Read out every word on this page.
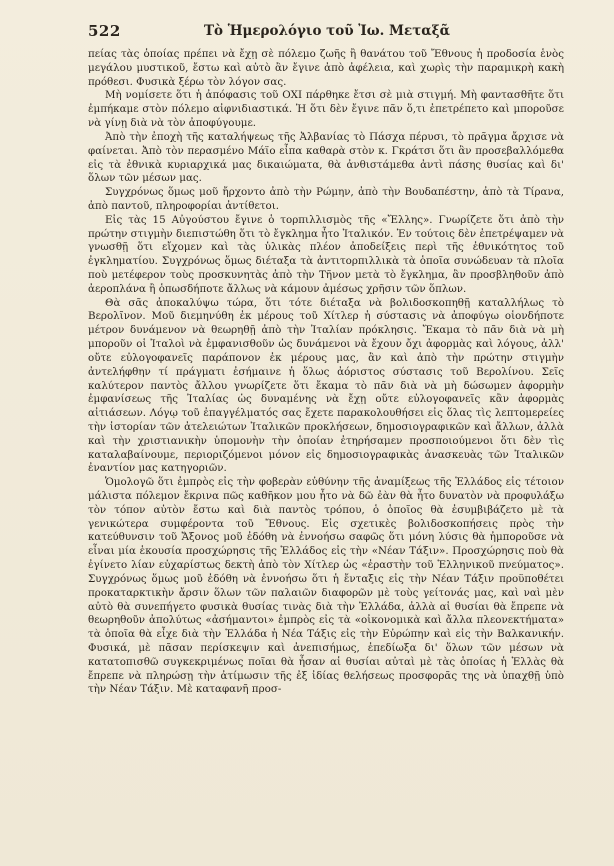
522	Τὸ Ἡμερολόγιο τοῦ Ἰω. Μεταξᾶ

πείας τὰς ὁποίας πρέπει νὰ ἔχῃ σὲ πόλεμο ζωῆς ἢ θανάτου τοῦ Ἔθνους ἡ προδοσία ἑνὸς μεγάλου μυστικοῦ, ἔστω καὶ αὐτὸ ἂν ἔγινε ἀπὸ ἀφέλεια, καὶ χωρὶς τὴν παραμικρὴ κακὴ πρόθεσι. Φυσικὰ ξέρω τὸν λόγον σας.

Μὴ νομίσετε ὅτι ἡ ἀπόφασις τοῦ ΟΧΙ πάρθηκε ἔτσι σὲ μιὰ στιγμή. Μὴ φαντασθῆτε ὅτι ἐμπήκαμε στὸν πόλεμο αἰφνιδιαστικά. Ἡ ὅτι δὲν ἔγινε πᾶν ὅ,τι ἐπετρέπετο καὶ μποροῦσε νὰ γίνῃ διὰ νὰ τὸν ἀποφύγουμε.

Ἀπὸ τὴν ἐποχὴ τῆς καταλήψεως τῆς Ἀλβανίας τὸ Πάσχα πέρυσι, τὸ πρᾶγμα ἄρχισε νὰ φαίνεται. Ἀπὸ τὸν περασμένο Μάϊο εἶπα καθαρὰ στὸν κ. Γκράτσι ὅτι ἂν προσεβαλλόμεθα εἰς τὰ ἐθνικὰ κυριαρχικά μας δικαιώματα, θὰ ἀνθιστάμεθα ἀντὶ πάσης θυσίας καὶ δι' ὅλων τῶν μέσων μας.

Συγχρόνως ὅμως μοῦ ἤρχοντο ἀπὸ τὴν Ρώμην, ἀπὸ τὴν Βουδαπέστην, ἀπὸ τὰ Τίρανα, ἀπὸ παντοῦ, πληροφορίαι ἀντίθετοι.

Εἰς τὰς 15 Αὐγούστου ἔγινε ὁ τορπιλλισμὸς τῆς «Ἔλλης». Γνωρίζετε ὅτι ἀπὸ τὴν πρώτην στιγμὴν διεπιστώθη ὅτι τὸ ἔγκλημα ἦτο Ἰταλικόν. Ἐν τούτοις δὲν ἐπετρέψαμεν νὰ γνωσθῇ ὅτι εἴχομεν καὶ τὰς ὑλικὰς πλέον ἀποδείξεις περὶ τῆς ἐθνικότητος τοῦ ἐγκληματίου. Συγχρόνως ὅμως διέταξα τὰ ἀντιτορπιλλικὰ τὰ ὁποῖα συνώδευαν τὰ πλοῖα ποὺ μετέφερον τοὺς προσκυνητὰς ἀπὸ τὴν Τῆνον μετὰ τὸ ἔγκλημα, ἂν προσβληθοῦν ἀπὸ ἀεροπλάνα ἢ ὁπωσδήποτε ἄλλως νὰ κάμουν ἀμέσως χρῆσιν τῶν ὅπλων.

Θὰ σᾶς ἀποκαλύψω τώρα, ὅτι τότε διέταξα νὰ βολιδοσκοπηθῇ καταλλήλως τὸ Βερολῖνον. Μοῦ διεμηνύθη ἐκ μέρους τοῦ Χίτλερ ἡ σύστασις νὰ ἀποφύγω οἱονδήποτε μέτρον δυνάμενον νὰ θεωρηθῇ ἀπὸ τὴν Ἰταλίαν πρόκλησις. Ἔκαμα τὸ πᾶν διὰ νὰ μὴ μποροῦν οἱ Ἰταλοὶ νὰ ἐμφανισθοῦν ὡς δυνάμενοι νὰ ἔχουν ὄχι ἀφορμὰς καὶ λόγους, ἀλλ' οὔτε εὐλογοφανεῖς παράπονον ἐκ μέρους μας, ἂν καὶ ἀπὸ τὴν πρώτην στιγμὴν ἀντελήφθην τί πράγματι ἐσήμαινε ἡ ὅλως ἀόριστος σύστασις τοῦ Βερολίνου. Σεῖς καλύτερον παντὸς ἄλλου γνωρίζετε ὅτι ἔκαμα τὸ πᾶν διὰ νὰ μὴ δώσωμεν ἀφορμὴν ἐμφανίσεως τῆς Ἰταλίας ὡς δυναμένης νὰ ἔχῃ οὔτε εὐλογοφανεῖς κἂν ἀφορμὰς αἰτιάσεων. Λόγῳ τοῦ ἐπαγγέλματός σας ἔχετε παρακολουθήσει εἰς ὅλας τὶς λεπτομερείες τὴν ἱστορίαν τῶν ἀτελειώτων Ἰταλικῶν προκλήσεων, δημοσιογραφικῶν καὶ ἄλλων, ἀλλὰ καὶ τὴν χριστιανικὴν ὑπομονὴν τὴν ὁποίαν ἐτηρήσαμεν προσποιούμενοι ὅτι δὲν τὶς καταλαβαίνουμε, περιοριζόμενοι μόνον εἰς δημοσιογραφικὰς ἀνασκευὰς τῶν Ἰταλικῶν ἐναντίον μας κατηγοριῶν.

Ὁμολογῶ ὅτι ἐμπρὸς εἰς τὴν φοβερὰν εὐθύνην τῆς ἀναμίξεως τῆς Ἑλλάδος εἰς τέτοιον μάλιστα πόλεμον ἔκρινα πῶς καθῆκον μου ἦτο νὰ δῶ ἐὰν θὰ ἦτο δυνατὸν νὰ προφυλάξω τὸν τόπον αὐτὸν ἔστω καὶ διὰ παντὸς τρόπου, ὁ ὁποῖος θὰ ἐσυμβιβάζετο μὲ τὰ γενικώτερα συμφέροντα τοῦ Ἔθνους. Εἰς σχετικὲς βολιδοσκοπήσεις πρὸς τὴν κατεύθυνσιν τοῦ Ἄξονος μοῦ ἐδόθη νὰ ἐννοήσω σαφῶς ὅτι μόνη λύσις θὰ ἠμποροῦσε νὰ εἶναι μία ἑκουσία προσχώρησις τῆς Ἑλλάδος εἰς τὴν «Νέαν Τάξιν». Προσχώρησις ποὺ θὰ ἐγίνετο λίαν εὐχαρίστως δεκτὴ ἀπὸ τὸν Χίτλερ ὡς «ἐραστὴν τοῦ Ἑλληνικοῦ πνεύματος». Συγχρόνως ὅμως μοῦ ἐδόθη νὰ ἐννοήσω ὅτι ἡ ἔνταξις εἰς τὴν Νέαν Τάξιν προϋποθέτει προκαταρκτικὴν ἄρσιν ὅλων τῶν παλαιῶν διαφορῶν μὲ τοὺς γείτονάς μας, καὶ ναὶ μὲν αὐτὸ θὰ συνεπήγετο φυσικὰ θυσίας τινὰς διὰ τὴν Ἑλλάδα, ἀλλὰ αἱ θυσίαι θὰ ἔπρεπε νὰ θεωρηθοῦν ἀπολύτως «ἀσήμαντοι» ἐμπρὸς εἰς τὰ «οἰκονομικὰ καὶ ἄλλα πλεονεκτήματα» τὰ ὁποῖα θὰ εἶχε διὰ τὴν Ἑλλάδα ἡ Νέα Τάξις εἰς τὴν Εὐρώπην καὶ εἰς τὴν Βαλκανικήν. Φυσικά, μὲ πᾶσαν περίσκεψιν καὶ ἀνεπισήμως, ἐπεδίωξα δι' ὅλων τῶν μέσων νὰ κατατοπισθῶ συγκεκριμένως ποῖαι θὰ ἦσαν αἱ θυσίαι αὐταὶ μὲ τὰς ὁποίας ἡ Ἑλλὰς θὰ ἔπρεπε νὰ πληρώσῃ τὴν ἀτίμωσιν τῆς ἐξ ἰδίας θελήσεως προσφορᾶς της νὰ ὑπαχθῇ ὑπὸ τὴν Νέαν Τάξιν. Μὲ καταφανῆ προσ-
